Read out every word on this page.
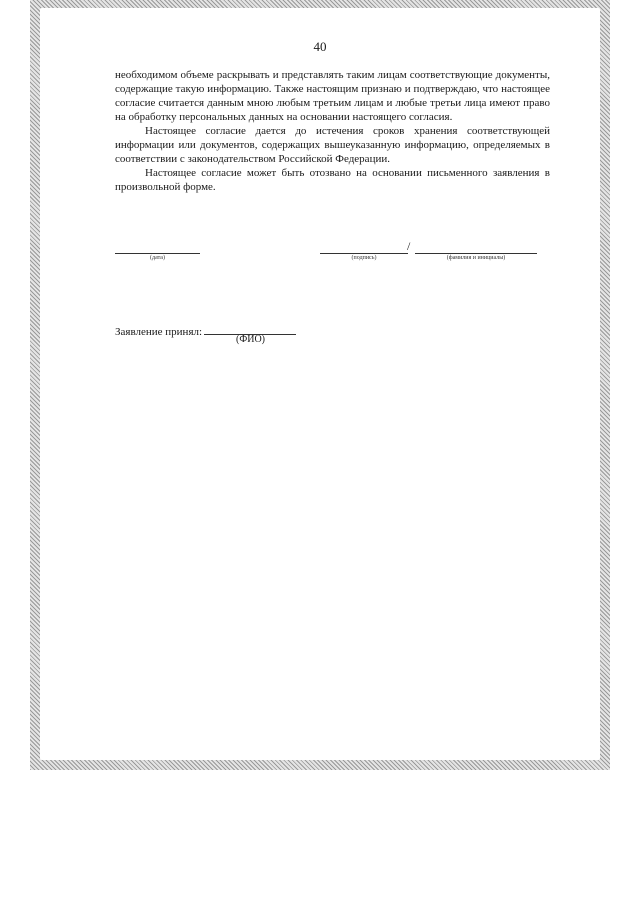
40

необходимом объеме раскрывать и представлять таким лицам соответствующие документы, содержащие такую информацию. Также настоящим признаю и подтверждаю, что настоящее согласие считается данным мною любым третьим лицам и любые третьи лица имеют право на обработку персональных данных на основании настоящего согласия.

Настоящее согласие дается до истечения сроков хранения соответствующей информации или документов, содержащих вышеуказанную информацию, определяемых в соответствии с законодательством Российской Федерации.

Настоящее согласие может быть отозвано на основании письменного заявления в произвольной форме.

(дата)
/
(подпись)	(фамилия и инициалы)
Заявление принял:
(ФИО)
